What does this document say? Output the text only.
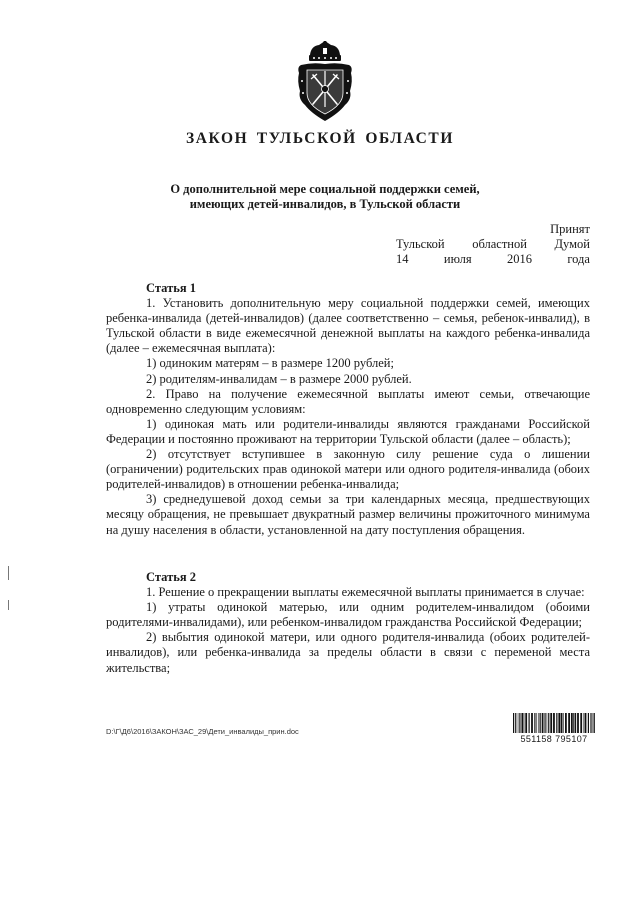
ЗАКОН ТУЛЬСКОЙ ОБЛАСТИ
О дополнительной мере социальной поддержки семей,
имеющих детей-инвалидов, в Тульской области
Принят
Тульской областной Думой
14	июля	2016	года
Статья 1

1. Установить дополнительную меру социальной поддержки семей, имеющих ребенка-инвалида (детей-инвалидов) (далее соответственно – семья, ребенок-инвалид), в Тульской области в виде ежемесячной денежной выплаты на каждого ребенка-инвалида (далее – ежемесячная выплата):

1) одиноким матерям – в размере 1200 рублей;

2) родителям-инвалидам – в размере 2000 рублей.

2. Право на получение ежемесячной выплаты имеют семьи, отвечающие одновременно следующим условиям:

1) одинокая мать или родители-инвалиды являются гражданами Российской Федерации и постоянно проживают на территории Тульской области (далее – область);

2) отсутствует вступившее в законную силу решение суда о лишении (ограничении) родительских прав одинокой матери или одного родителя-инвалида (обоих родителей-инвалидов) в отношении ребенка-инвалида;

3) среднедушевой доход семьи за три календарных месяца, предшествующих месяцу обращения, не превышает двукратный размер величины прожиточного минимума на душу населения в области, установленной на дату поступления обращения.

Статья 2

1. Решение о прекращении выплаты ежемесячной выплаты принимается в случае:

1) утраты одинокой матерью, или одним родителем-инвалидом (обоими родителями-инвалидами), или ребенком-инвалидом гражданства Российской Федерации;

2) выбытия одинокой матери, или одного родителя-инвалида (обоих родителей-инвалидов), или ребенка-инвалида за пределы области в связи с переменой места жительства;

D:\Г\Д6\2016\ЗАКОН\ЗАС_29\Дети_инвалиды_прин.doc
551158 795107
